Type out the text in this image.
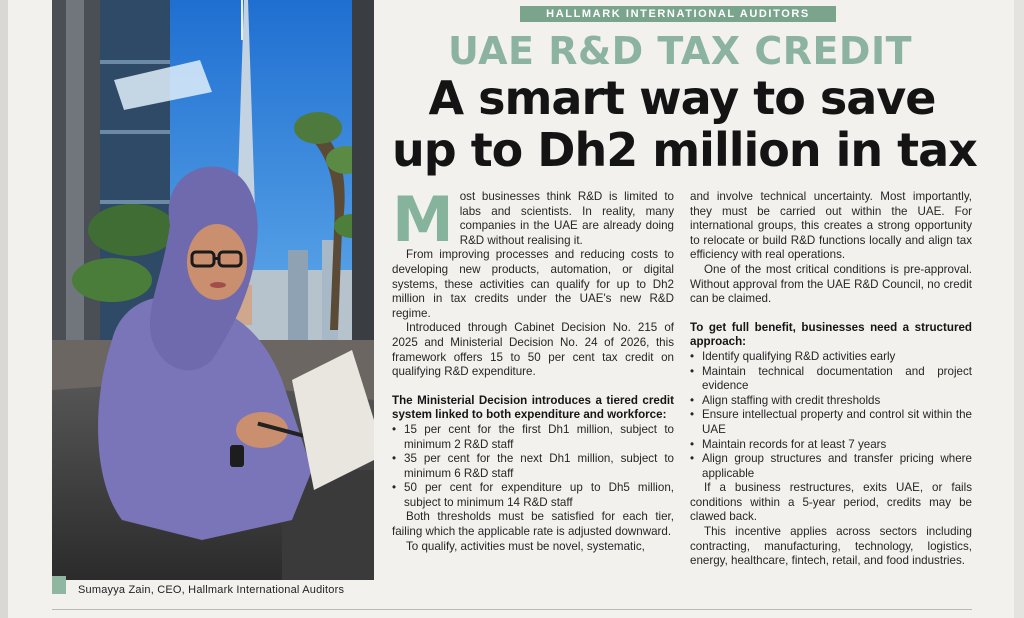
Sumayya Zain, CEO, Hallmark International Auditors
HALLMARK INTERNATIONAL AUDITORS
UAE R&D TAX CREDIT
A smart way to save
up to Dh2 million in tax

Most businesses think R&D is limited to labs and scientists. In reality, many companies in the UAE are already doing R&D without realising it.

From improving processes and reducing costs to developing new products, automation, or digital systems, these activities can qualify for up to Dh2 million in tax credits under the UAE's new R&D regime.

Introduced through Cabinet Decision No. 215 of 2025 and Ministerial Decision No. 24 of 2026, this framework offers 15 to 50 per cent tax credit on qualifying R&D expenditure.

The Ministerial Decision introduces a tiered credit system linked to both expenditure and workforce:

• 15 per cent for the first Dh1 million, subject to minimum 2 R&D staff
• 35 per cent for the next Dh1 million, subject to minimum 6 R&D staff
• 50 per cent for expenditure up to Dh5 million, subject to minimum 14 R&D staff

Both thresholds must be satisfied for each tier, failing which the applicable rate is adjusted downward.

To qualify, activities must be novel, systematic,

and involve technical uncertainty. Most importantly, they must be carried out within the UAE. For international groups, this creates a strong opportunity to relocate or build R&D functions locally and align tax efficiency with real operations.

One of the most critical conditions is pre-approval. Without approval from the UAE R&D Council, no credit can be claimed.

To get full benefit, businesses need a structured approach:

• Identify qualifying R&D activities early
• Maintain technical documentation and project evidence
• Align staffing with credit thresholds
• Ensure intellectual property and control sit within the UAE
• Maintain records for at least 7 years
• Align group structures and transfer pricing where applicable

If a business restructures, exits UAE, or fails conditions within a 5-year period, credits may be clawed back.

This incentive applies across sectors including contracting, manufacturing, technology, logistics, energy, healthcare, fintech, retail, and food industries.
